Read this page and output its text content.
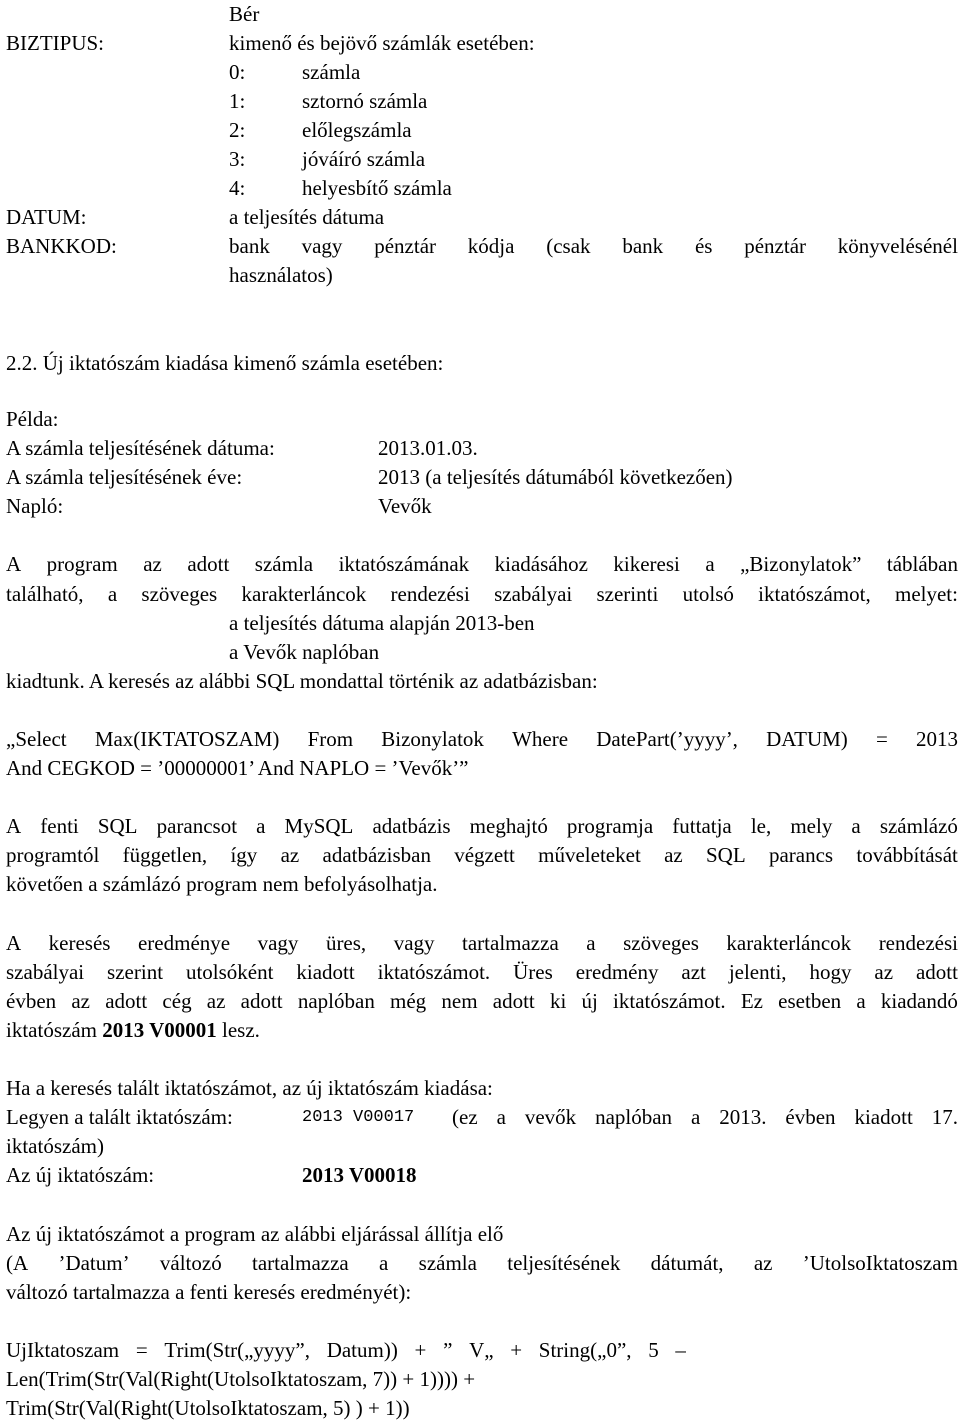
Bér
BIZTIPUS:	kimenő és bejövő számlák esetében:
0:	számla
1:	sztornó számla
2:	előlegszámla
3:	jóváíró számla
4:	helyesbítő számla
DATUM:	a teljesítés dátuma
BANKKOD:	bank vagy pénztár kódja (csak bank és pénztár könyvelésénél
használatos)
2.2. Új iktatószám kiadása kimenő számla esetében:
Példa:
A számla teljesítésének dátuma:	2013.01.03.
A számla teljesítésének éve:	2013 (a teljesítés dátumából következően)
Napló:	Vevők
A program az adott számla iktatószámának kiadásához kikeresi a „Bizonylatok” táblában
található, a szöveges karakterláncok rendezési szabályai szerinti utolsó iktatószámot, melyet:
a teljesítés dátuma alapján 2013-ben
a Vevők naplóban
kiadtunk. A keresés az alábbi SQL mondattal történik az adatbázisban:
„Select Max(IKTATOSZAM) From Bizonylatok Where DatePart(’yyyy’, DATUM) = 2013
And CEGKOD = ’00000001’ And NAPLO = ’Vevők’”
A fenti SQL parancsot a MySQL adatbázis meghajtó programja futtatja le, mely a számlázó
programtól független, így az adatbázisban végzett műveleteket az SQL parancs továbbítását
követően a számlázó program nem befolyásolhatja.
A keresés eredménye vagy üres, vagy tartalmazza a szöveges karakterláncok rendezési
szabályai szerint utolsóként kiadott iktatószámot. Üres eredmény azt jelenti, hogy az adott
évben az adott cég az adott naplóban még nem adott ki új iktatószámot. Ez esetben a kiadandó
iktatószám 2013 V00001 lesz.
Ha a keresés talált iktatószámot, az új iktatószám kiadása:
Legyen a talált iktatószám:	2013 V00017 (ez a vevők naplóban a 2013. évben kiadott 17.
iktatószám)
Az új iktatószám:	2013 V00018
Az új iktatószámot a program az alábbi eljárással állítja elő
(A ’Datum’ változó tartalmazza a számla teljesítésének dátumát, az ’UtolsoIktatoszam
változó tartalmazza a fenti keresés eredményét):
UjIktatoszam = Trim(Str(„yyyy”, Datum)) + ” V„ + String(„0”, 5 –
Len(Trim(Str(Val(Right(UtolsoIktatoszam, 7)) + 1)))) +
Trim(Str(Val(Right(UtolsoIktatoszam, 5) ) + 1))
